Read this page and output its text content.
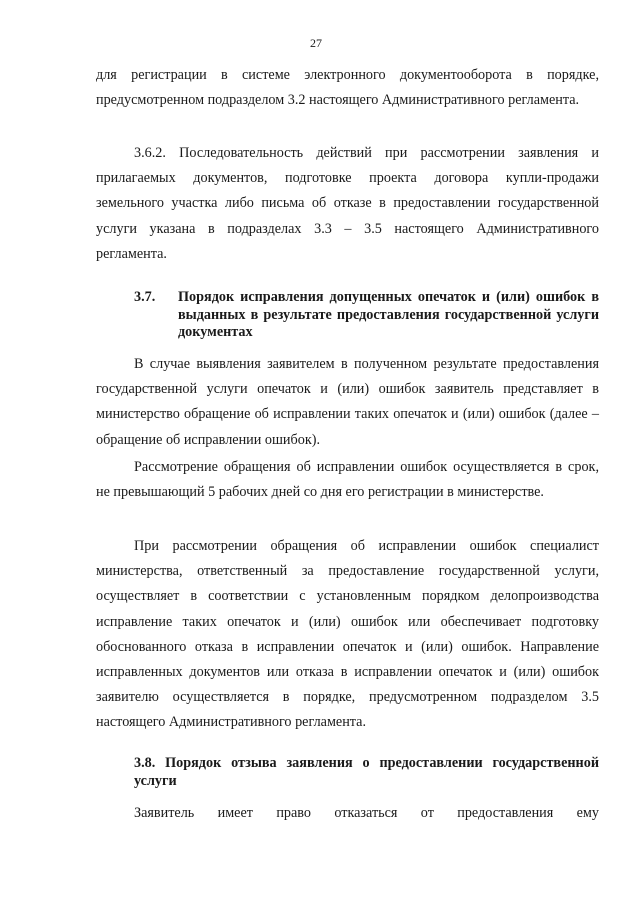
27

для регистрации в системе электронного документооборота в порядке, предусмотренном подразделом 3.2 настоящего Административного регламента.

3.6.2. Последовательность действий при рассмотрении заявления и прилагаемых документов, подготовке проекта договора купли-продажи земельного участка либо письма об отказе в предоставлении государственной услуги указана в подразделах 3.3 – 3.5 настоящего Административного регламента.

3.7. Порядок исправления допущенных опечаток и (или) ошибок в выданных в результате предоставления государственной услуги документах

В случае выявления заявителем в полученном результате предоставления государственной услуги опечаток и (или) ошибок заявитель представляет в министерство обращение об исправлении таких опечаток и (или) ошибок (далее – обращение об исправлении ошибок).

Рассмотрение обращения об исправлении ошибок осуществляется в срок, не превышающий 5 рабочих дней со дня его регистрации в министерстве.

При рассмотрении обращения об исправлении ошибок специалист министерства, ответственный за предоставление государственной услуги, осуществляет в соответствии с установленным порядком делопроизводства исправление таких опечаток и (или) ошибок или обеспечивает подготовку обоснованного отказа в исправлении опечаток и (или) ошибок. Направление исправленных документов или отказа в исправлении опечаток и (или) ошибок заявителю осуществляется в порядке, предусмотренном подразделом 3.5 настоящего Административного регламента.

3.8. Порядок отзыва заявления о предоставлении государственной услуги

Заявитель имеет право отказаться от предоставления ему
